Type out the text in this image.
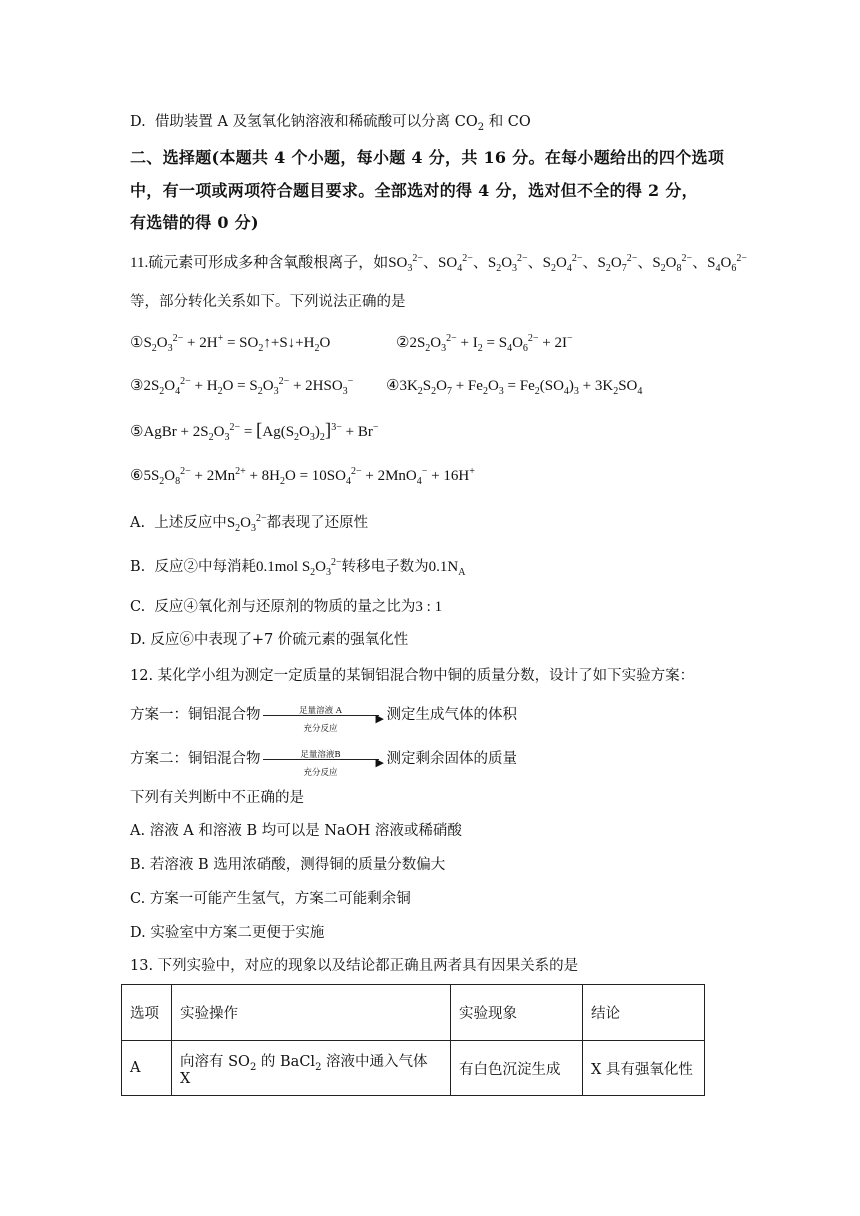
D.  借助装置 A 及氢氧化钠溶液和稀硫酸可以分离 $CO_2$ 和 CO
二、选择题(本题共 4 个小题，每小题 4 分，共 16 分。在每小题给出的四个选项
中，有一项或两项符合题目要求。全部选对的得 4 分，选对但不全的得 2 分，
有选错的得 0 分)
11.硫元素可形成多种含氧酸根离子，如$SO_3^{2-}$、$SO_4^{2-}$、$S_2O_3^{2-}$、$S_2O_4^{2-}$、$S_2O_7^{2-}$、$S_2O_8^{2-}$、$S_4O_6^{2-}$
等，部分转化关系如下。下列说法正确的是
$①S_2O_3^{2-} + 2H^+$ = $SO_2↑+S↓+H_2O$	$②2S_2O_3^{2-} + I_2 = S_4O_6^{2-} + 2I^-$
$③2S_2O_4^{2-} + H_2O = S_2O_3^{2-} + 2HSO_3^-$ $④3K_2S_2O_7 + Fe_2O_3 = Fe_2(SO_4)_3 + 3K_2SO_4$
⑤AgBr + $2S_2O_3^{2-} = [Ag(S_2O_3)_2]^{3-} + Br^-$
$⑥5S_2O_8^{2-} + 2Mn^{2+} + 8H_2O = 10SO_4^{2-} + 2MnO_4^- + 16H^+$
A.  上述反应中$S_2O_3^{2-}$都表现了还原性
B.  反应②中每消耗0.1mol $S_2O_3^{2-}$转移电子数为$0.1N_A$
C.  反应④氧化剂与还原剂的物质的量之比为3 : 1
D. 反应⑥中表现了+7 价硫元素的强氧化性
12. 某化学小组为测定一定质量的某铜铝混合物中铜的质量分数，设计了如下实验方案：
方案一：铜铝混合物	足量溶液 A
▶
充分反应
测定生成气体的体积
方案二：铜铝混合物	足量溶液B
▶
充分反应
测定剩余固体的质量
下列有关判断中不正确的是
A. 溶液 A 和溶液 B 均可以是 NaOH 溶液或稀硝酸
B. 若溶液 B 选用浓硝酸，测得铜的质量分数偏大
C. 方案一可能产生氢气，方案二可能剩余铜
D. 实验室中方案二更便于实施
13. 下列实验中，对应的现象以及结论都正确且两者具有因果关系的是
选项	实验操作	实验现象	结论
A	向溶有 $SO_2$ 的 BaCl$_2$ 溶液中通入气体 X	有白色沉淀生成	X 具有强氧化性
